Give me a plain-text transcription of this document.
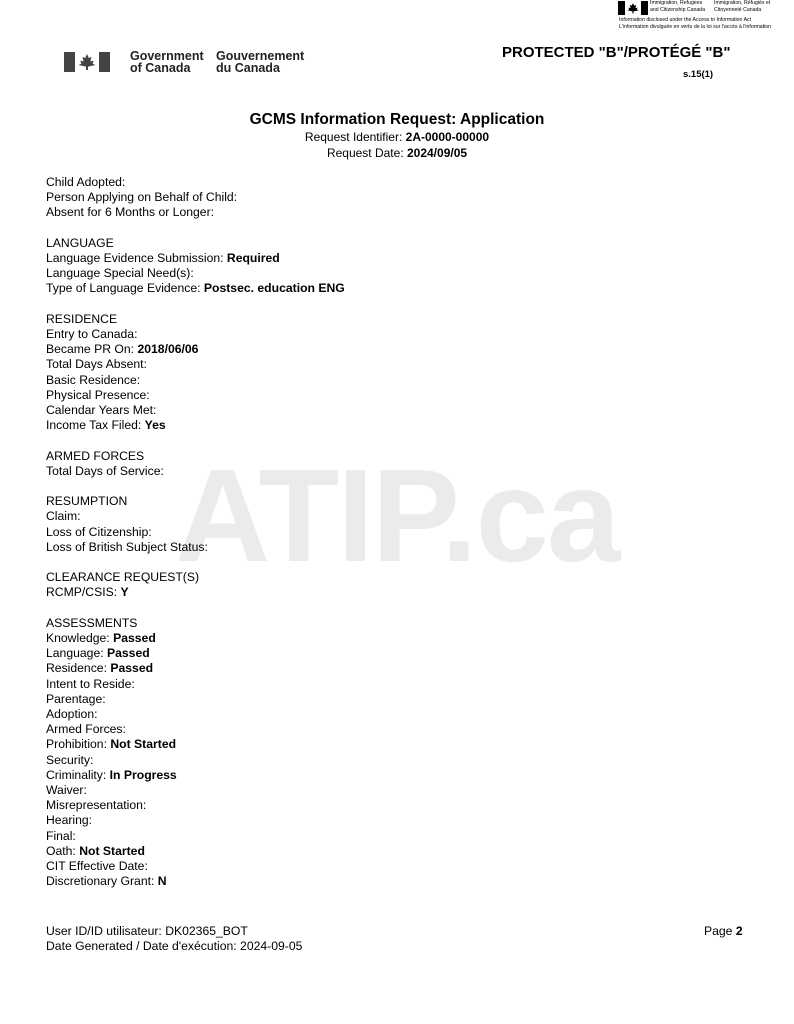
Immigration, Refugees and Citizenship Canada
Immigration, Réfugiés et Citoyenneté Canada
Information disclosed under the Access to Information Act
L'information divulguée en vertu de la loi sur l'accès à l'information
Government
of Canada
Gouvernement
du Canada
PROTECTED "B"/PROTÉGÉ "B"
s.15(1)
GCMS Information Request: Application
Request Identifier: 2A-0000-00000
Request Date: 2024/09/05
ATIP.ca
Child Adopted:
Person Applying on Behalf of Child:
Absent for 6 Months or Longer:
LANGUAGE
Language Evidence Submission: Required
Language Special Need(s):
Type of Language Evidence: Postsec. education ENG
RESIDENCE
Entry to Canada:
Became PR On: 2018/06/06
Total Days Absent:
Basic Residence:
Physical Presence:
Calendar Years Met:
Income Tax Filed: Yes
ARMED FORCES
Total Days of Service:
RESUMPTION
Claim:
Loss of Citizenship:
Loss of British Subject Status:
CLEARANCE REQUEST(S)
RCMP/CSIS: Y
ASSESSMENTS
Knowledge: Passed
Language: Passed
Residence: Passed
Intent to Reside:
Parentage:
Adoption:
Armed Forces:
Prohibition: Not Started
Security:
Criminality: In Progress
Waiver:
Misrepresentation:
Hearing:
Final:
Oath: Not Started
CIT Effective Date:
Discretionary Grant: N
User ID/ID utilisateur: DK02365_BOT
Date Generated / Date d'exécution: 2024-09-05
Page 2
